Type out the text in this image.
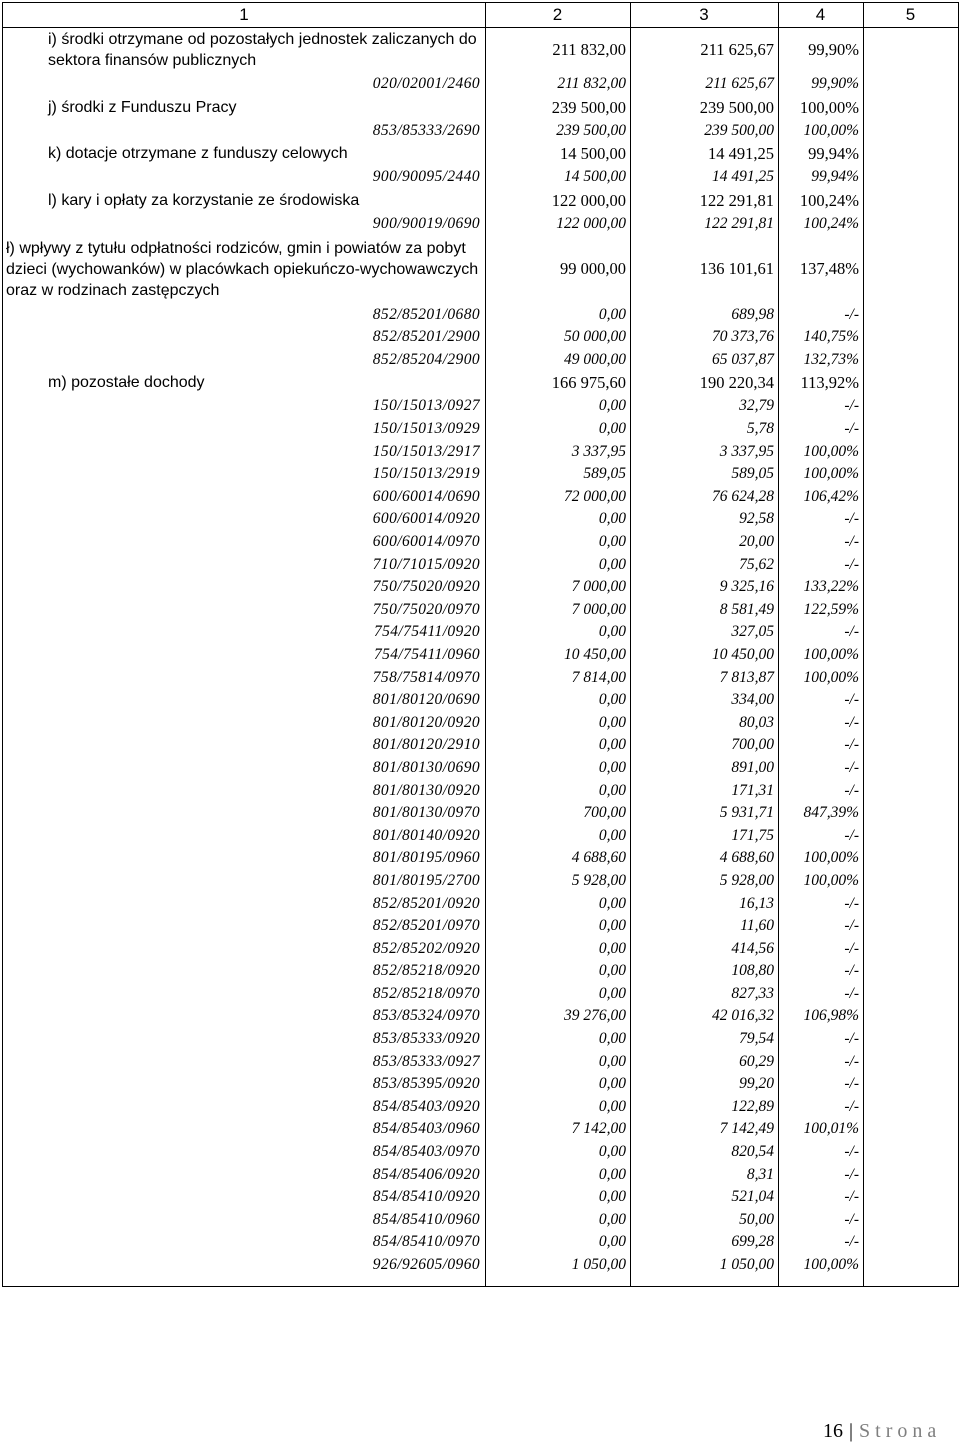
1	2	3	4	5
i) środki otrzymane od pozostałych jednostek zaliczanych do sektora finansów publicznych	211 832,00	211 625,67	99,90%	
020/02001/2460	211 832,00	211 625,67	99,90%	
j) środki z Funduszu Pracy	239 500,00	239 500,00	100,00%	
853/85333/2690	239 500,00	239 500,00	100,00%	
k) dotacje otrzymane z funduszy celowych	14 500,00	14 491,25	99,94%	
900/90095/2440	14 500,00	14 491,25	99,94%	
l) kary i opłaty za korzystanie ze środowiska	122 000,00	122 291,81	100,24%	
900/90019/0690	122 000,00	122 291,81	100,24%	
ł) wpływy z tytułu odpłatności rodziców, gmin i powiatów za pobyt dzieci (wychowanków) w placówkach opiekuńczo-wychowawczych oraz w rodzinach zastępczych	99 000,00	136 101,61	137,48%	
852/85201/0680	0,00	689,98	-/-	
852/85201/2900	50 000,00	70 373,76	140,75%	
852/85204/2900	49 000,00	65 037,87	132,73%	
m) pozostałe dochody	166 975,60	190 220,34	113,92%	
150/15013/0927	0,00	32,79	-/-	
150/15013/0929	0,00	5,78	-/-	
150/15013/2917	3 337,95	3 337,95	100,00%	
150/15013/2919	589,05	589,05	100,00%	
600/60014/0690	72 000,00	76 624,28	106,42%	
600/60014/0920	0,00	92,58	-/-	
600/60014/0970	0,00	20,00	-/-	
710/71015/0920	0,00	75,62	-/-	
750/75020/0920	7 000,00	9 325,16	133,22%	
750/75020/0970	7 000,00	8 581,49	122,59%	
754/75411/0920	0,00	327,05	-/-	
754/75411/0960	10 450,00	10 450,00	100,00%	
758/75814/0970	7 814,00	7 813,87	100,00%	
801/80120/0690	0,00	334,00	-/-	
801/80120/0920	0,00	80,03	-/-	
801/80120/2910	0,00	700,00	-/-	
801/80130/0690	0,00	891,00	-/-	
801/80130/0920	0,00	171,31	-/-	
801/80130/0970	700,00	5 931,71	847,39%	
801/80140/0920	0,00	171,75	-/-	
801/80195/0960	4 688,60	4 688,60	100,00%	
801/80195/2700	5 928,00	5 928,00	100,00%	
852/85201/0920	0,00	16,13	-/-	
852/85201/0970	0,00	11,60	-/-	
852/85202/0920	0,00	414,56	-/-	
852/85218/0920	0,00	108,80	-/-	
852/85218/0970	0,00	827,33	-/-	
853/85324/0970	39 276,00	42 016,32	106,98%	
853/85333/0920	0,00	79,54	-/-	
853/85333/0927	0,00	60,29	-/-	
853/85395/0920	0,00	99,20	-/-	
854/85403/0920	0,00	122,89	-/-	
854/85403/0960	7 142,00	7 142,49	100,01%	
854/85403/0970	0,00	820,54	-/-	
854/85406/0920	0,00	8,31	-/-	
854/85410/0920	0,00	521,04	-/-	
854/85410/0960	0,00	50,00	-/-	
854/85410/0970	0,00	699,28	-/-	
926/92605/0960	1 050,00	1 050,00	100,00%	
16 | Strona
